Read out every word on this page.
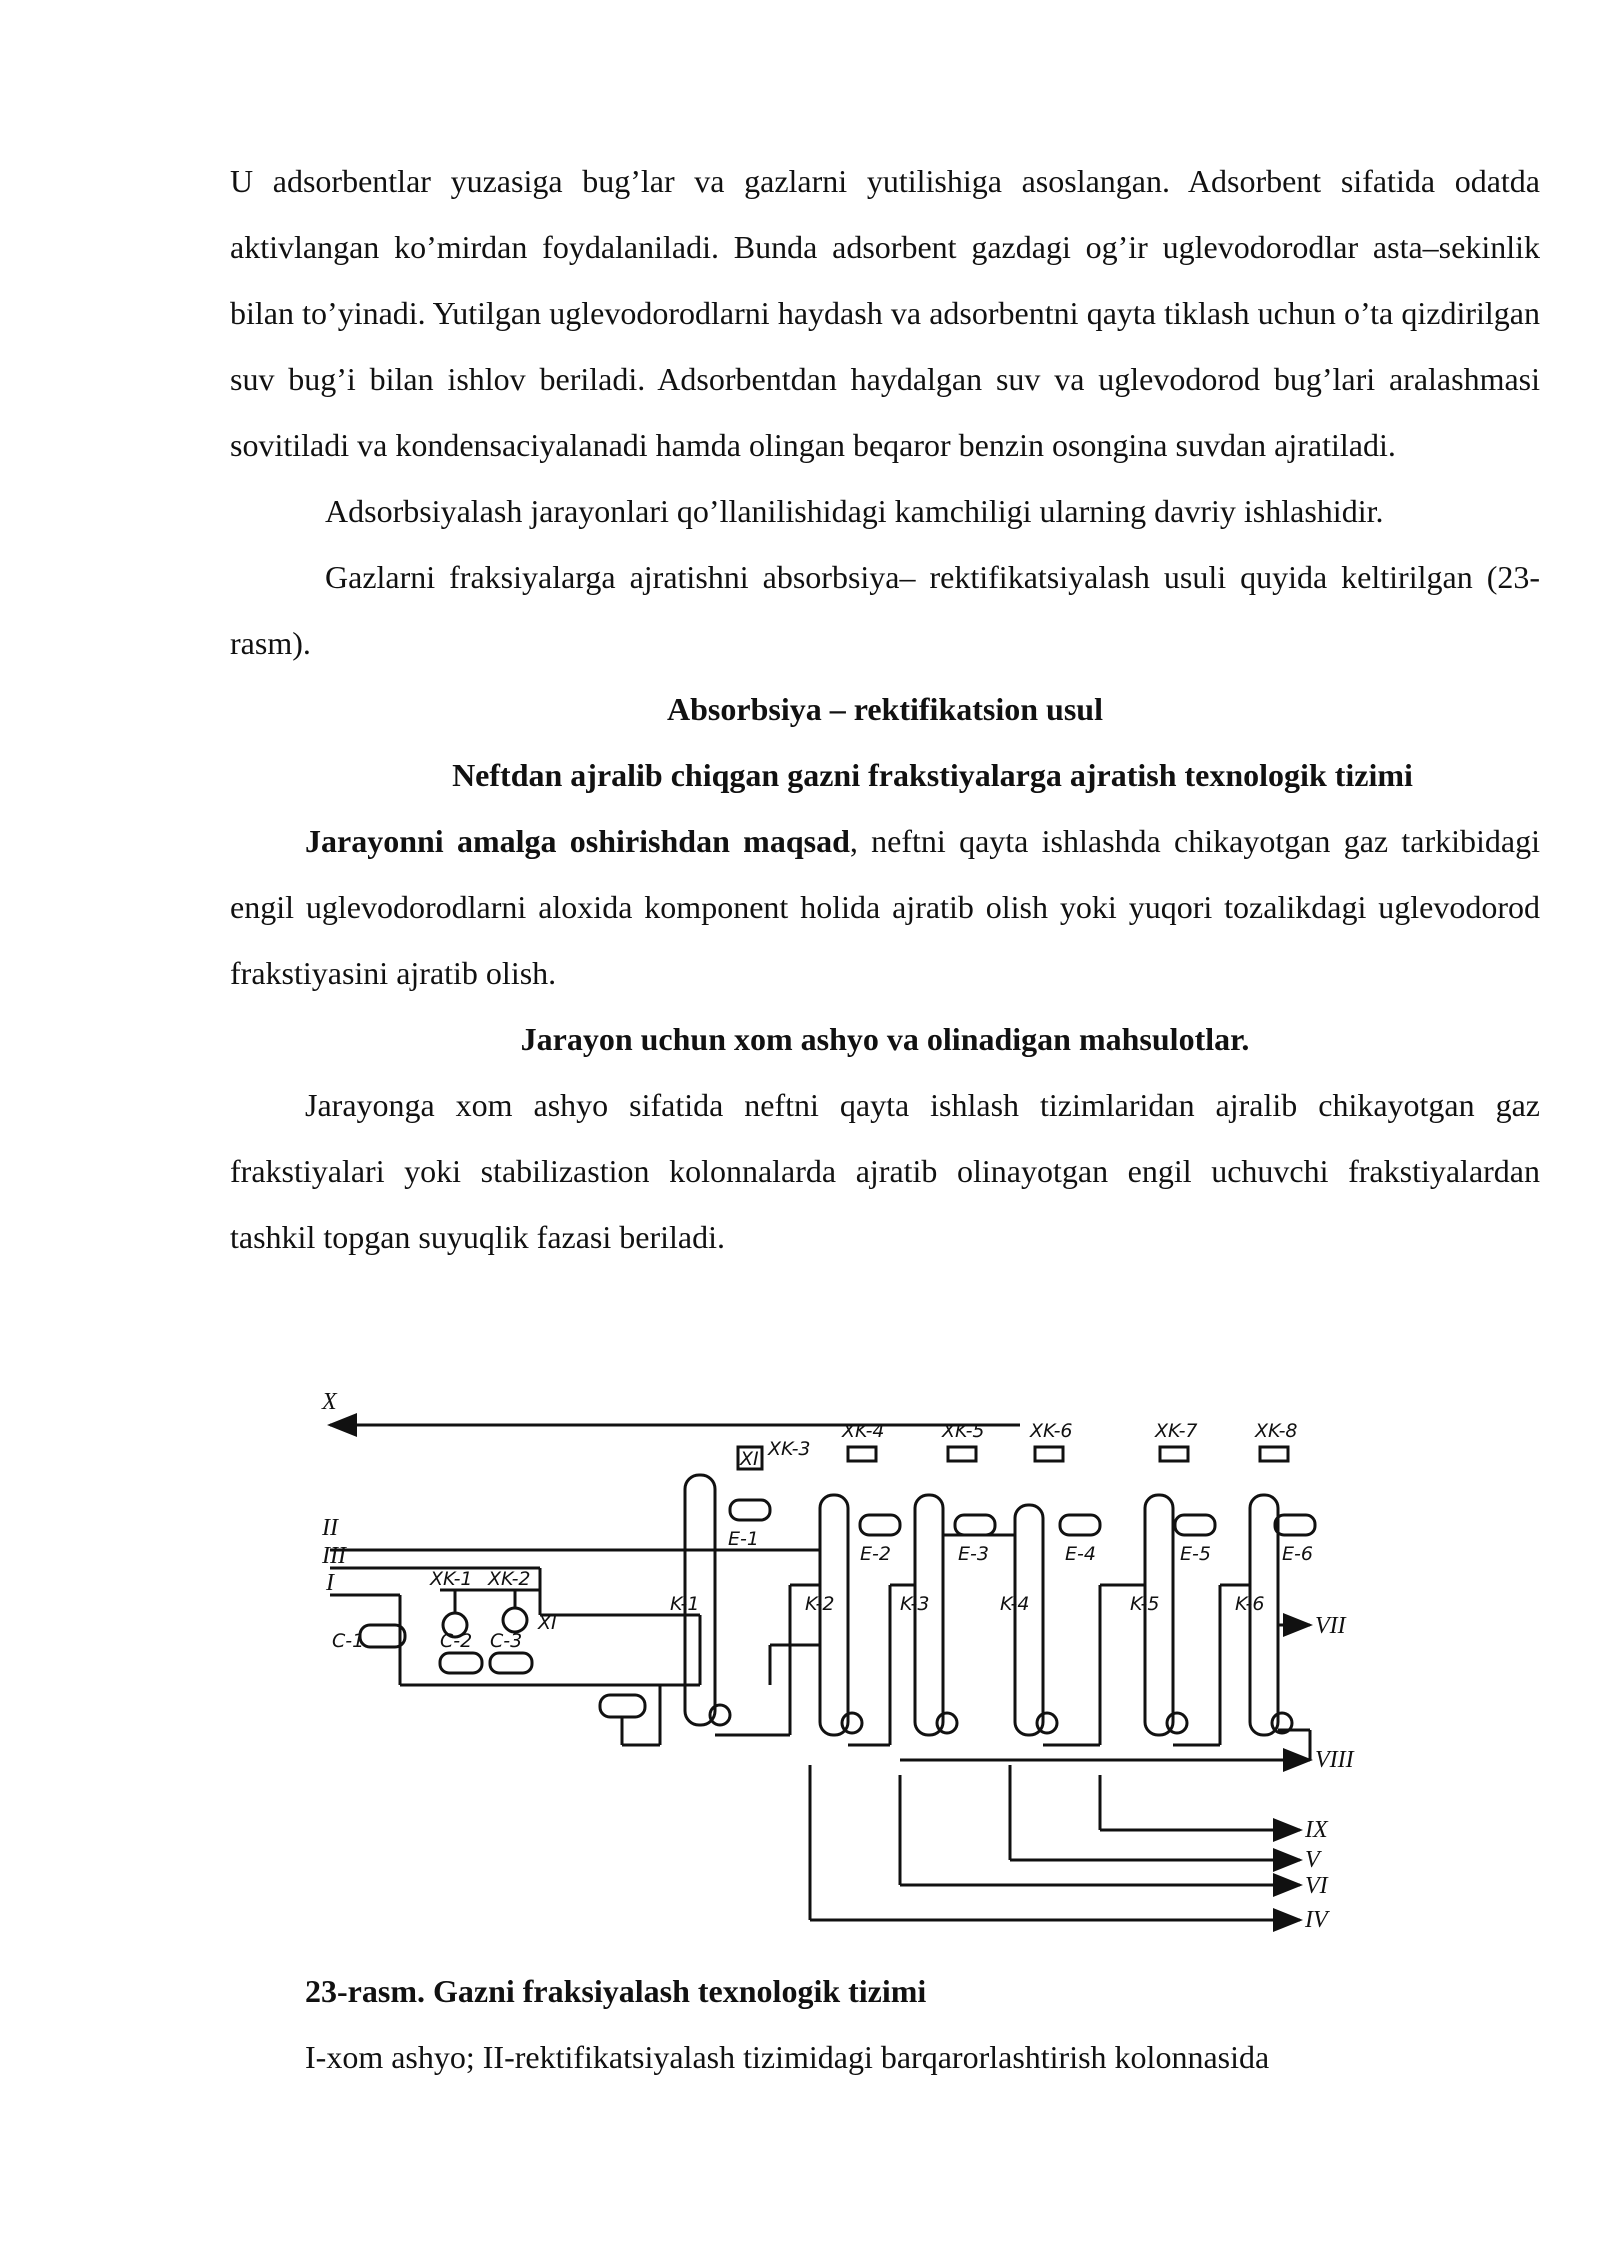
U adsorbentlar yuzasiga bug’lar va gazlarni yutilishiga asoslangan. Adsorbent sifatida odatda aktivlangan ko’mirdan foydalaniladi. Bunda adsorbent gazdagi og’ir uglevodorodlar asta–sekinlik bilan to’yinadi. Yutilgan uglevodorodlarni haydash va adsorbentni qayta tiklash uchun o’ta qizdirilgan suv bug’i bilan ishlov beriladi. Adsorbentdan haydalgan suv va uglevodorod bug’lari aralashmasi sovitiladi va kondensaciyalanadi hamda olingan beqaror benzin osongina suvdan ajratiladi.

Adsorbsiyalash jarayonlari qo’llanilishidagi kamchiligi ularning davriy ishlashidir.

Gazlarni fraksiyalarga ajratishni absorbsiya– rektifikatsiyalash usuli quyida keltirilgan (23-rasm).

Absorbsiya – rektifikatsion usul
Neftdan ajralib chiqgan gazni frakstiyalarga ajratish texnologik tizimi

Jarayonni amalga oshirishdan maqsad, neftni qayta ishlashda chikayotgan gaz tarkibidagi engil uglevodorodlarni aloxida komponent holida ajratib olish yoki yuqori tozalikdagi uglevodorod frakstiyasini ajratib olish.

Jarayon uchun xom ashyo va olinadigan mahsulotlar.

Jarayonga xom ashyo sifatida neftni qayta ishlash tizimlaridan ajralib chikayotgan gaz frakstiyalari yoki stabilizastion kolonnalarda ajratib olinayotgan engil uchuvchi frakstiyalardan tashkil topgan suyuqlik fazasi beriladi.

X
II
III
I
C-1	C-2 C-3
XK-1 XK-2
XI
XI XK-3
XK-4	XK-5 XK-6	XK-7	XK-8
E-1
E-2	E-3	E-4	E-5	E-6
K-1	K-2	K-3	K-4	K-5	K-6
VII
VIII
IX
V
VI
IV

23-rasm. Gazni fraksiyalash texnologik tizimi

I-xom ashyo; II-rektifikatsiyalash tizimidagi barqarorlashtirish kolonnasida
